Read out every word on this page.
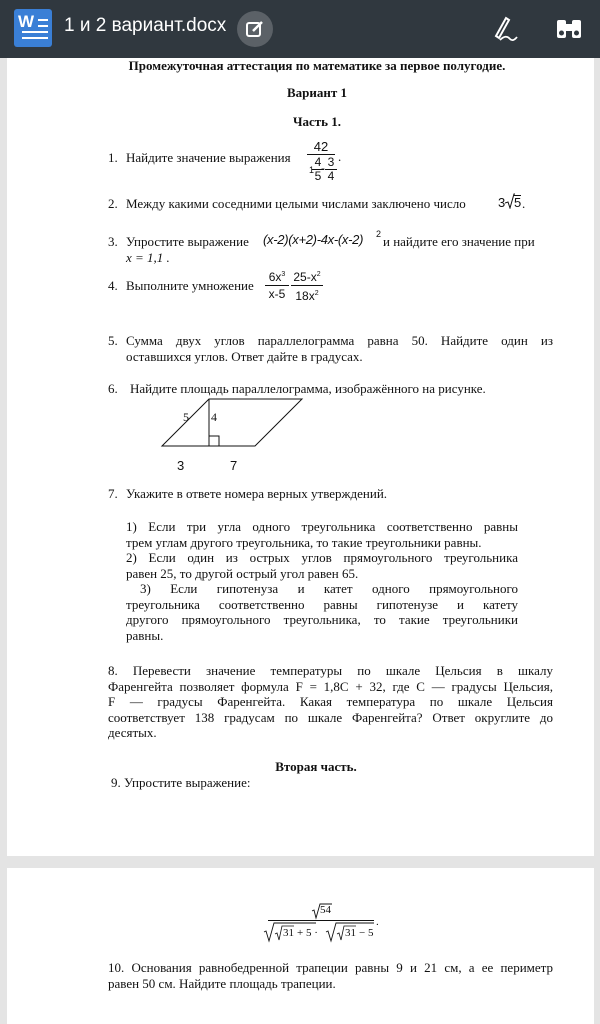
W 1 и 2 вариант.docx
Промежуточная аттестация по математике за первое полугодие.
Вариант 1
Часть 1.
1. Найдите значение выражения
42
1 -
4
5
3
4
.
2. Между какими соседними целыми числами заключено число 3 5 .
3. Упростите выражение (x-2)(x+2)-4x-(x-2) 2 и найдите его значение при
x = 1,1 .
4. Выполните умножение
$6x^3$
x-5
$25-x^2$
$18x^2$
5. Сумма двух углов параллелограмма равна 50. Найдите один из
оставшихся углов. Ответ дайте в градусах.
6. Найдите площадь параллелограмма, изображённого на рисунке.
5 4
3	7
7. Укажите в ответе номера верных утверждений.
1) Если три угла одного треугольника соответственно равны
трем углам другого треугольника, то такие треугольники равны.
2) Если один из острых углов прямоугольного треугольника
равен 25, то другой острый угол равен 65.
3) Если гипотенуза и катет одного прямоугольного
треугольника соответственно равны гипотенузе и катету
другого прямоугольного треугольника, то такие треугольники
равны.
8. Перевести значение температуры по шкале Цельсия в шкалу
Фаренгейта позволяет формула F = 1,8C + 32, где C — градусы Цельсия,
F — градусы Фаренгейта. Какая температура по шкале Цельсия
соответствует 138 градусам по шкале Фаренгейта? Ответ округлите до
десятых.
Вторая часть.
9. Упростите выражение:
54
31 + 5 · 31 − 5
.
10. Основания равнобедренной трапеции равны 9 и 21 см, а ее периметр
равен 50 см. Найдите площадь трапеции.
